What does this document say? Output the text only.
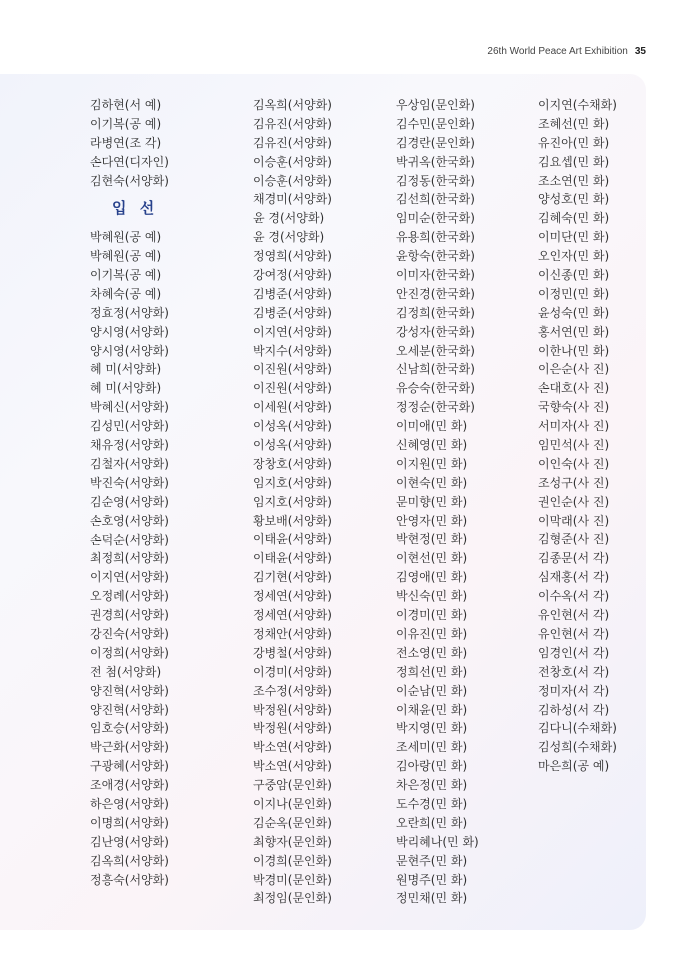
26th World Peace Art Exhibition 35
김하현(서 예)
이기복(공 예)
라병연(조 각)
손다연(디자인)
김현숙(서양화)
입 선
박혜원(공 예)
박혜원(공 예)
이기복(공 예)
차혜숙(공 예)
정효정(서양화)
양시영(서양화)
양시영(서양화)
혜 미(서양화)
혜 미(서양화)
박혜신(서양화)
김성민(서양화)
채유정(서양화)
김철자(서양화)
박진숙(서양화)
김순영(서양화)
손호영(서양화)
손덕순(서양화)
최정희(서양화)
이지연(서양화)
오정례(서양화)
권경희(서양화)
강진숙(서양화)
이정희(서양화)
전 첨(서양화)
양진혁(서양화)
양진혁(서양화)
임호승(서양화)
박근화(서양화)
구광혜(서양화)
조애경(서양화)
하은영(서양화)
이명희(서양화)
김난영(서양화)
김옥희(서양화)
정흥숙(서양화)
김옥희(서양화)
김유진(서양화)
김유진(서양화)
이승훈(서양화)
이승훈(서양화)
채경미(서양화)
윤 경(서양화)
윤 경(서양화)
정영희(서양화)
강여정(서양화)
김병준(서양화)
김병준(서양화)
이지연(서양화)
박지수(서양화)
이진원(서양화)
이진원(서양화)
이세원(서양화)
이성옥(서양화)
이성옥(서양화)
장창호(서양화)
임지호(서양화)
임지호(서양화)
황보배(서양화)
이태윤(서양화)
이태윤(서양화)
김기현(서양화)
정세연(서양화)
정세연(서양화)
정채안(서양화)
강병철(서양화)
이경미(서양화)
조수정(서양화)
박정원(서양화)
박정원(서양화)
박소연(서양화)
박소연(서양화)
구중암(문인화)
이지나(문인화)
김순옥(문인화)
최향자(문인화)
이경희(문인화)
박경미(문인화)
최정임(문인화)
우상임(문인화)
김수민(문인화)
김경란(문인화)
박귀옥(한국화)
김정동(한국화)
김선희(한국화)
임미순(한국화)
유용희(한국화)
윤항숙(한국화)
이미자(한국화)
안진경(한국화)
김정희(한국화)
강성자(한국화)
오세분(한국화)
신남희(한국화)
유승숙(한국화)
정정순(한국화)
이미애(민 화)
신혜영(민 화)
이지원(민 화)
이현숙(민 화)
문미향(민 화)
안영자(민 화)
박현정(민 화)
이현선(민 화)
김영애(민 화)
박신숙(민 화)
이경미(민 화)
이유진(민 화)
전소영(민 화)
정희선(민 화)
이순남(민 화)
이채윤(민 화)
박지영(민 화)
조세미(민 화)
김아랑(민 화)
차은정(민 화)
도수경(민 화)
오란희(민 화)
박리혜나(민 화)
문현주(민 화)
원명주(민 화)
정민채(민 화)
이지연(수채화)
조혜선(민 화)
유진아(민 화)
김요셉(민 화)
조소연(민 화)
양성호(민 화)
김혜숙(민 화)
이미단(민 화)
오인자(민 화)
이신종(민 화)
이정민(민 화)
윤성숙(민 화)
홍서연(민 화)
이한나(민 화)
이은순(사 진)
손대호(사 진)
국향숙(사 진)
서미자(사 진)
임민석(사 진)
이인숙(사 진)
조성구(사 진)
권인순(사 진)
이막래(사 진)
김형준(사 진)
김종문(서 각)
심재홍(서 각)
이수옥(서 각)
유인현(서 각)
유인현(서 각)
임경인(서 각)
전창호(서 각)
정미자(서 각)
김하성(서 각)
김다니(수채화)
김성희(수채화)
마은희(공 예)
